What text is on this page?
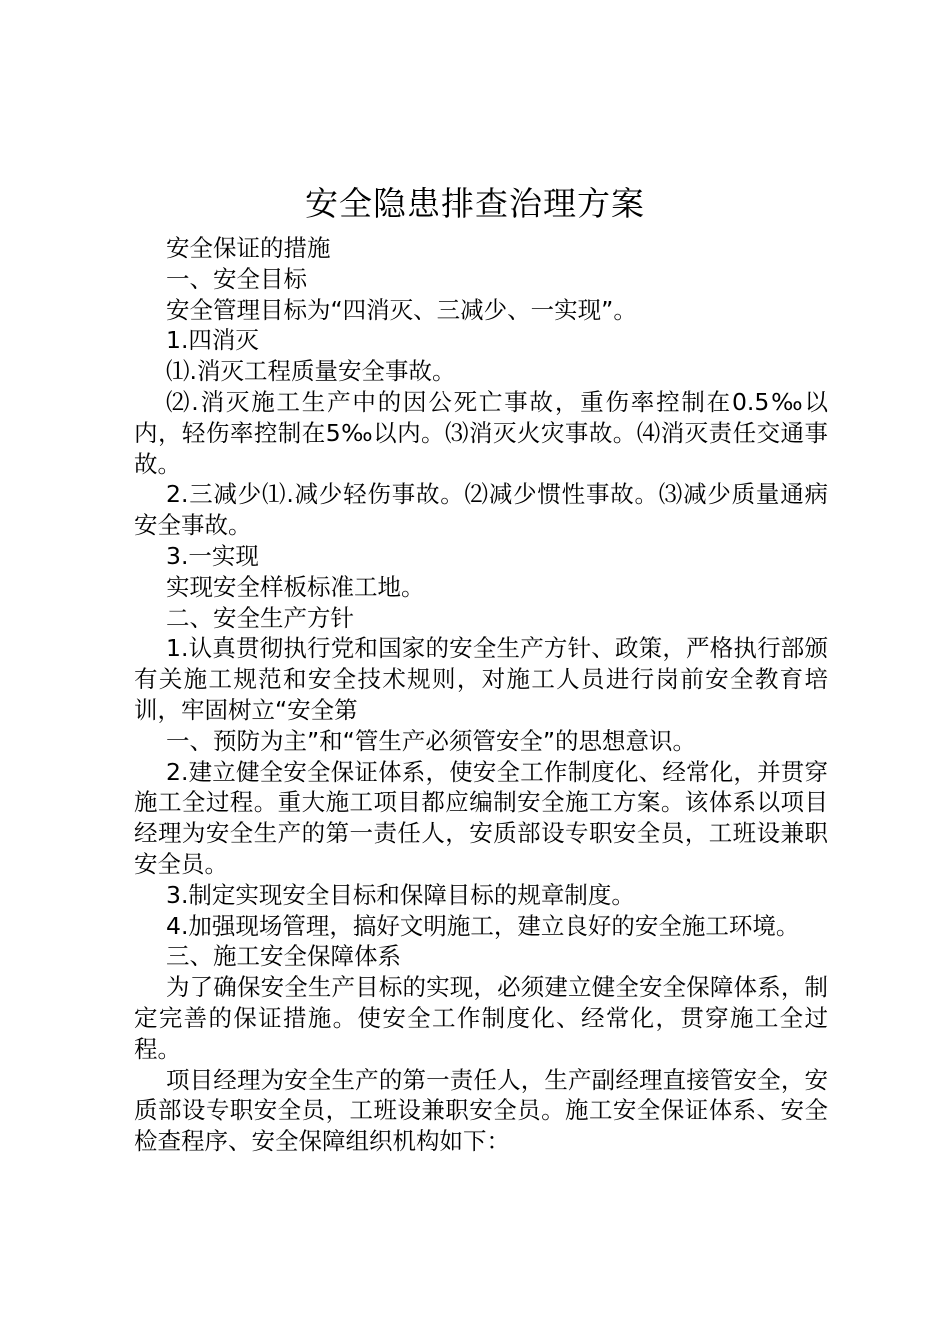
安全隐患排查治理方案

安全保证的措施

一、安全目标

安全管理目标为“四消灭、三减少、一实现”。

1.四消灭

⑴.消灭工程质量安全事故。

⑵.消灭施工生产中的因公死亡事故，重伤率控制在0.5‰以内，轻伤率控制在5‰以内。⑶消灭火灾事故。⑷消灭责任交通事故。

2.三减少⑴.减少轻伤事故。⑵减少惯性事故。⑶减少质量通病安全事故。

3.一实现

实现安全样板标准工地。

二、安全生产方针

1.认真贯彻执行党和国家的安全生产方针、政策，严格执行部颁有关施工规范和安全技术规则，对施工人员进行岗前安全教育培训，牢固树立“安全第

一、预防为主”和“管生产必须管安全”的思想意识。

2.建立健全安全保证体系，使安全工作制度化、经常化，并贯穿施工全过程。重大施工项目都应编制安全施工方案。该体系以项目经理为安全生产的第一责任人，安质部设专职安全员，工班设兼职安全员。

3.制定实现安全目标和保障目标的规章制度。

4.加强现场管理，搞好文明施工，建立良好的安全施工环境。

三、施工安全保障体系

为了确保安全生产目标的实现，必须建立健全安全保障体系，制定完善的保证措施。使安全工作制度化、经常化，贯穿施工全过程。

项目经理为安全生产的第一责任人，生产副经理直接管安全，安质部设专职安全员，工班设兼职安全员。施工安全保证体系、安全检查程序、安全保障组织机构如下：
